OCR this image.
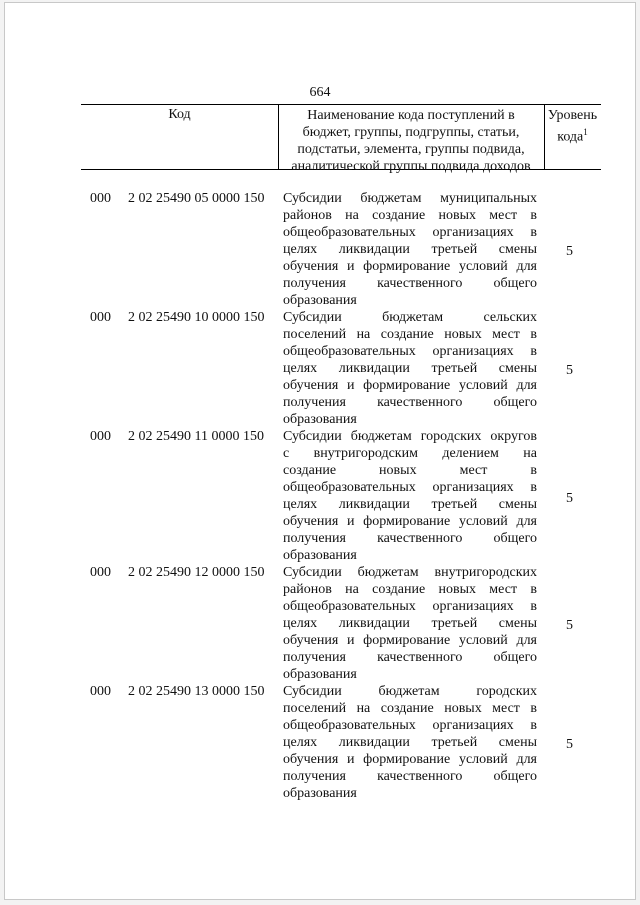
664
Код	Наименование кода поступлений в
бюджет, группы, подгруппы, статьи,
подстатьи, элемента, группы подвида,
аналитической группы подвида доходов
Уровень
кода$^1$
000 2 02 25490 05 0000 150 Субсидии бюджетам муниципальных
районов на создание новых мест в
общеобразовательных организациях в
целях ликвидации третьей смены
обучения и формирование условий для
получения качественного общего
образования
5
000 2 02 25490 10 0000 150 Субсидии бюджетам сельских
поселений на создание новых мест в
общеобразовательных организациях в
целях ликвидации третьей смены
обучения и формирование условий для
получения качественного общего
образования
5
000 2 02 25490 11 0000 150 Субсидии бюджетам городских округов
с внутригородским делением на
создание новых мест в
общеобразовательных организациях в
целях ликвидации третьей смены
обучения и формирование условий для
получения качественного общего
образования
5
000 2 02 25490 12 0000 150 Субсидии бюджетам внутригородских
районов на создание новых мест в
общеобразовательных организациях в
целях ликвидации третьей смены
обучения и формирование условий для
получения качественного общего
образования
5
000 2 02 25490 13 0000 150 Субсидии бюджетам городских
поселений на создание новых мест в
общеобразовательных организациях в
целях ликвидации третьей смены
обучения и формирование условий для
получения качественного общего
образования
5
